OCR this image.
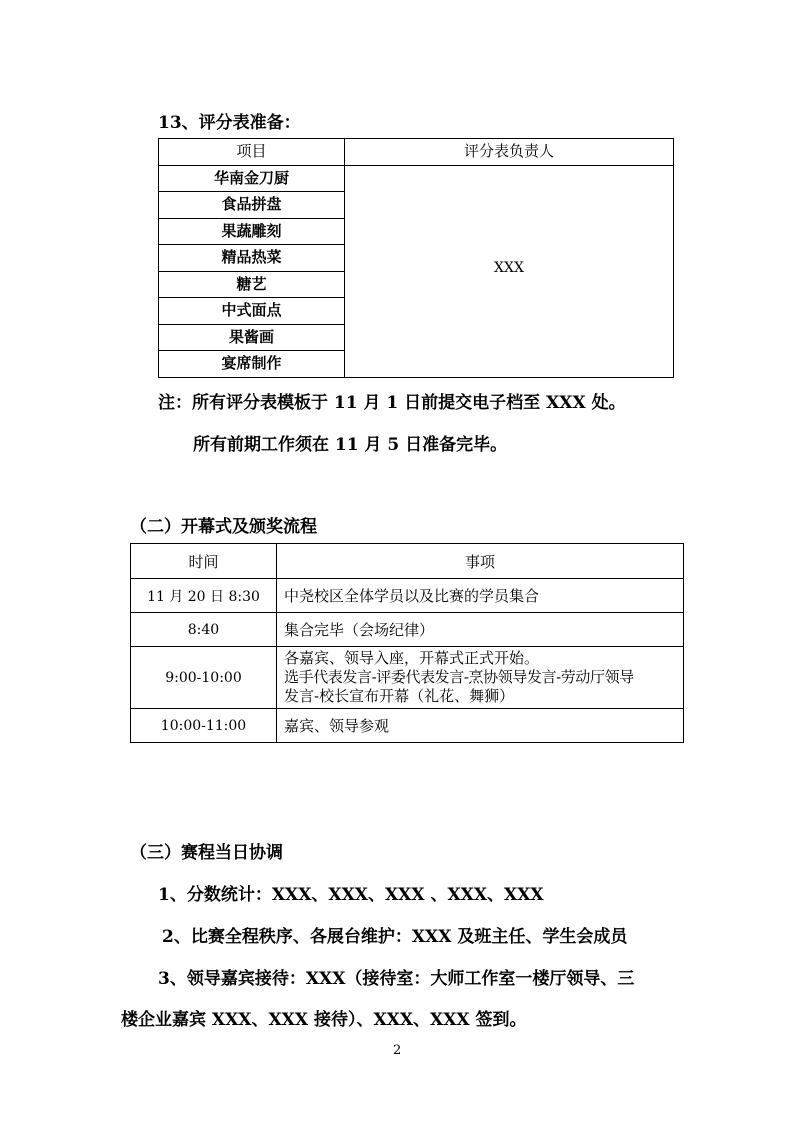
13、评分表准备：
项目	评分表负责人
华南金刀厨	XXX
食品拼盘	
果蔬雕刻	
精品热菜	
糖艺	
中式面点	
果酱画	
宴席制作	
注：所有评分表模板于 11 月 1 日前提交电子档至 XXX 处。
所有前期工作须在 11 月 5 日准备完毕。
（二）开幕式及颁奖流程
时间	事项
11 月 20 日 8:30	中尧校区全体学员以及比赛的学员集合
8:40	集合完毕（会场纪律）
9:00-10:00	各嘉宾、领导入座，开幕式正式开始。
选手代表发言-评委代表发言-烹协领导发言-劳动厅领导
发言-校长宣布开幕（礼花、舞狮）

10:00-11:00	嘉宾、领导参观
（三）赛程当日协调
1、分数统计：XXX、XXX、XXX 、XXX、XXX
2、比赛全程秩序、各展台维护：XXX 及班主任、学生会成员
3、领导嘉宾接待：XXX（接待室：大师工作室一楼厅领导、三
楼企业嘉宾 XXX、XXX 接待）、XXX、XXX 签到。
2
